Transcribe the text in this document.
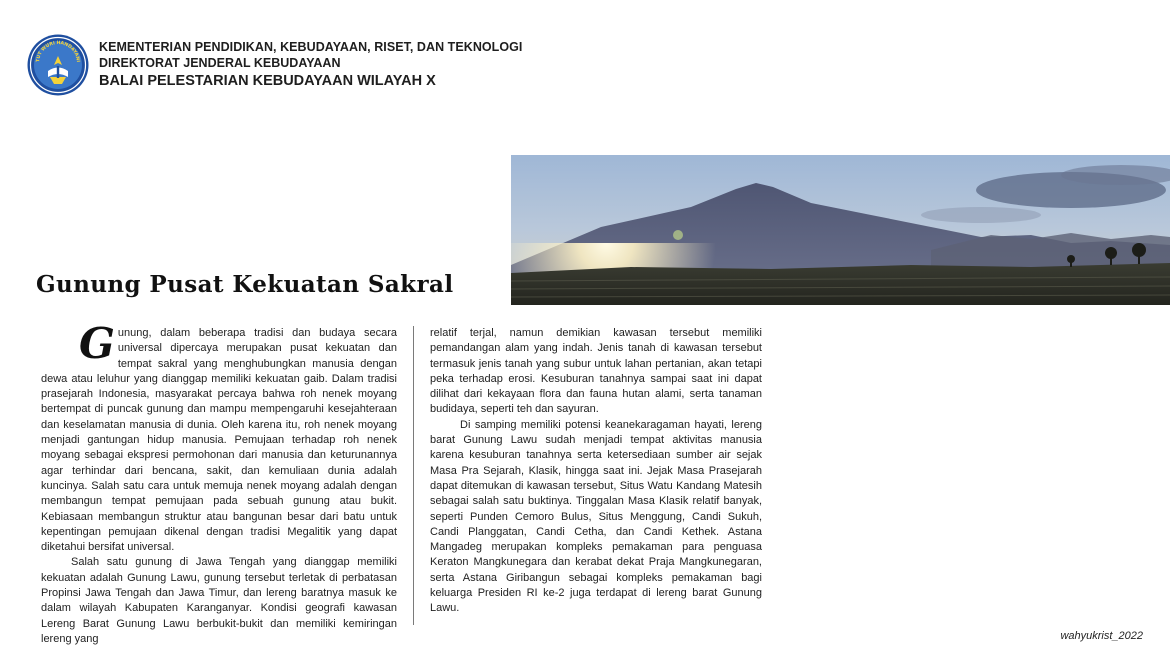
TUT WURI HANDAYANI
KEMENTERIAN PENDIDIKAN, KEBUDAYAAN, RISET, DAN TEKNOLOGI
DIREKTORAT JENDERAL KEBUDAYAAN
BALAI PELESTARIAN KEBUDAYAAN WILAYAH X
Gunung Pusat Kekuatan Sakral

Gunung, dalam beberapa tradisi dan budaya secara universal dipercaya merupakan pusat kekuatan dan tempat sakral yang menghubungkan manusia dengan dewa atau leluhur yang dianggap memiliki kekuatan gaib. Dalam tradisi prasejarah Indonesia, masyarakat percaya bahwa roh nenek moyang bertempat di puncak gunung dan mampu mempengaruhi kesejahteraan dan keselamatan manusia di dunia. Oleh karena itu, roh nenek moyang menjadi gantungan hidup manusia. Pemujaan terhadap roh nenek moyang sebagai ekspresi permohonan dari manusia dan keturunannya agar terhindar dari bencana, sakit, dan kemuliaan dunia adalah kuncinya. Salah satu cara untuk memuja nenek moyang adalah dengan membangun tempat pemujaan pada sebuah gunung atau bukit. Kebiasaan membangun struktur atau bangunan besar dari batu untuk kepentingan pemujaan dikenal dengan tradisi Megalitik yang dapat diketahui bersifat universal.

Salah satu gunung di Jawa Tengah yang dianggap memiliki kekuatan adalah Gunung Lawu, gunung tersebut terletak di perbatasan Propinsi Jawa Tengah dan Jawa Timur, dan lereng baratnya masuk ke dalam wilayah Kabupaten Karanganyar. Kondisi geografi kawasan Lereng Barat Gunung Lawu berbukit-bukit dan memiliki kemiringan lereng yang

relatif terjal, namun demikian kawasan tersebut memiliki pemandangan alam yang indah. Jenis tanah di kawasan tersebut termasuk jenis tanah yang subur untuk lahan pertanian, akan tetapi peka terhadap erosi. Kesuburan tanahnya sampai saat ini dapat dilihat dari kekayaan flora dan fauna hutan alami, serta tanaman budidaya, seperti teh dan sayuran.

Di samping memiliki potensi keanekaragaman hayati, lereng barat Gunung Lawu sudah menjadi tempat aktivitas manusia karena kesuburan tanahnya serta ketersediaan sumber air sejak Masa Pra Sejarah, Klasik, hingga saat ini. Jejak Masa Prasejarah dapat ditemukan di kawasan tersebut, Situs Watu Kandang Matesih sebagai salah satu buktinya. Tinggalan Masa Klasik relatif banyak, seperti Punden Cemoro Bulus, Situs Menggung, Candi Sukuh, Candi Planggatan, Candi Cetha, dan Candi Kethek. Astana Mangadeg merupakan kompleks pemakaman para penguasa Keraton Mangkunegara dan kerabat dekat Praja Mangkunegaran, serta Astana Giribangun sebagai kompleks pemakaman bagi keluarga Presiden RI ke-2 juga terdapat di lereng barat Gunung Lawu.

wahyukrist_2022
